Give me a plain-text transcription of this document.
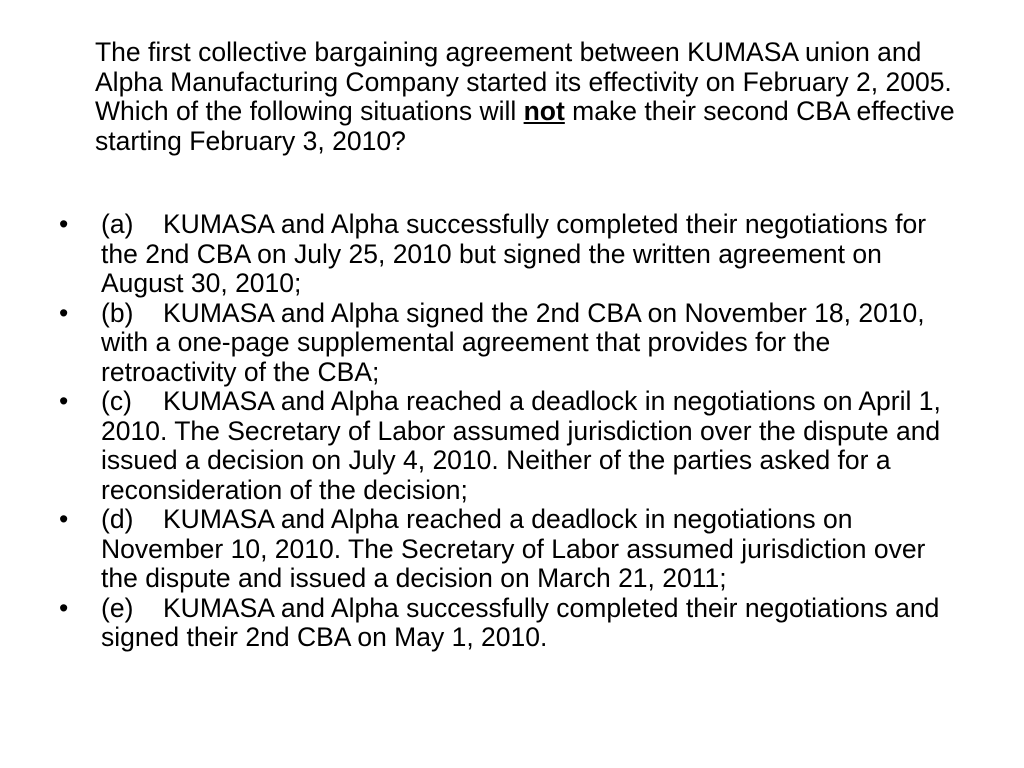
The first collective bargaining agreement between KUMASA union and Alpha Manufacturing Company started its effectivity on February 2, 2005. Which of the following situations will not make their second CBA effective starting February 3, 2010?

• (a) KUMASA and Alpha successfully completed their negotiations for the 2nd CBA on July 25, 2010 but signed the written agreement on August 30, 2010;
• (b) KUMASA and Alpha signed the 2nd CBA on November 18, 2010, with a one-page supplemental agreement that provides for the retroactivity of the CBA;
• (c) KUMASA and Alpha reached a deadlock in negotiations on April 1, 2010. The Secretary of Labor assumed jurisdiction over the dispute and issued a decision on July 4, 2010. Neither of the parties asked for a reconsideration of the decision;
• (d) KUMASA and Alpha reached a deadlock in negotiations on November 10, 2010. The Secretary of Labor assumed jurisdiction over the dispute and issued a decision on March 21, 2011;
• (e) KUMASA and Alpha successfully completed their negotiations and signed their 2nd CBA on May 1, 2010.
